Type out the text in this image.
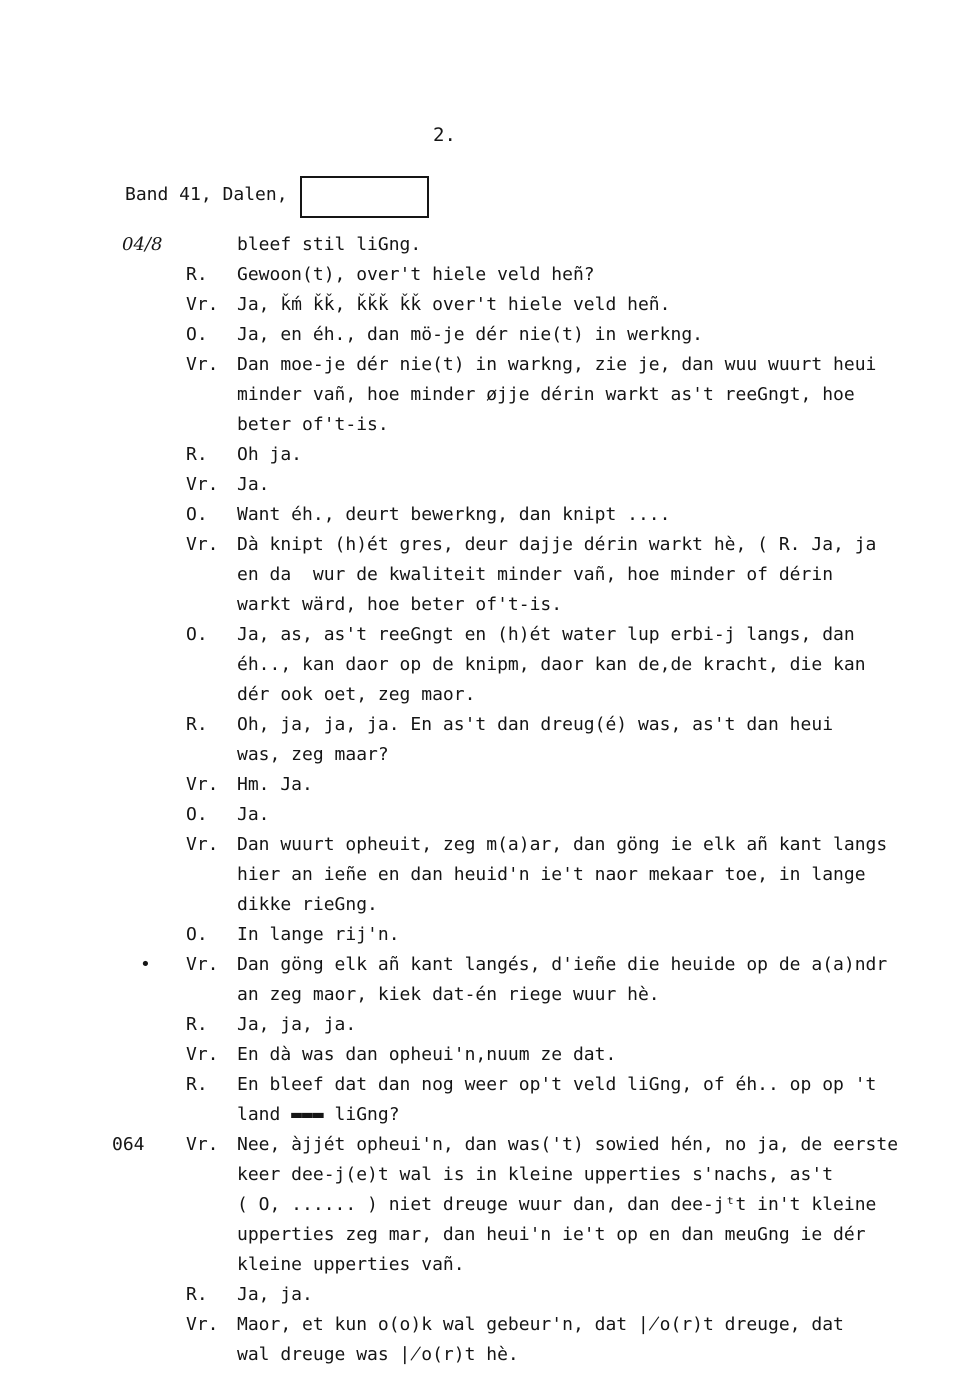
2.
Band 41, Dalen,

04∕8	bleef stil liGng.
R. Gewoon(t), over't hiele veld heñ?
Vr. Ja, ǩḿ ǩǩ, ǩǩǩ ǩǩ over't hiele veld heñ.
O. Ja, en éh., dan mö-je dér nie(t) in werkng.
Vr. Dan moe-je dér nie(t) in warkng, zie je, dan wuu wuurt heui
minder vañ, hoe minder øjje dérin warkt as't reeGngt, hoe
beter of't-is.
R. Oh ja.
Vr. Ja.
O. Want éh., deurt bewerkng, dan knipt ....
Vr. Dà knipt (h)ét gres, deur dajje dérin warkt hè, ( R. Ja, ja
en da  wur de kwaliteit minder vañ, hoe minder of dérin
warkt wärd, hoe beter of't-is.
O. Ja, as, as't reeGngt en (h)ét water lup erbi-j langs, dan
éh.., kan daor op de knipm, daor kan de,de kracht, die kan
dér ook oet, zeg maor.
R. Oh, ja, ja, ja. En as't dan dreug(é) was, as't dan heui
was, zeg maar?
Vr. Hm. Ja.
O. Ja.
Vr. Dan wuurt opheuit, zeg m(a)ar, dan göng ie elk añ kant langs
hier an ieñe en dan heuid'n ie't naor mekaar toe, in lange
dikke rieGng.
O. In lange rij'n.
• Vr. Dan göng elk añ kant langés, d'ieñe die heuide op de a(a)ndr
an zeg maor, kiek dat-én riege wuur hè.
R. Ja, ja, ja.
Vr. En dà was dan opheui'n,nuum ze dat.
R. En bleef dat dan nog weer op't veld liGng, of éh.. op op 't
land ▬▬▬ liGng?
064 Vr. Nee, àjjét opheui'n, dan was('t) sowied hén, no ja, de eerste
keer dee-j(e)t wal is in kleine upperties s'nachs, as't
( O, ...... ) niet dreuge wuur dan, dan dee-jᵗt in't kleine
upperties zeg mar, dan heui'n ie't op en dan meuGng ie dér
kleine upperties vañ.
R. Ja, ja.
Vr. Maor, et kun o(o)k wal gebeur'n, dat ∤o(r)t dreuge, dat
wal dreuge was ∤o(r)t hè.
